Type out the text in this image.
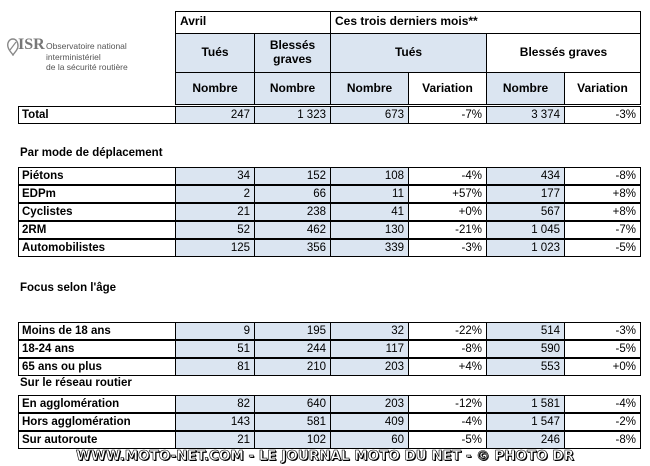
ISR Observatoire national interministériel
de la sécurité routière
Avril	Ces trois derniers mois**
Tués	Blessés graves	Tués	Blessés graves
Nombre	Nombre	Nombre Variation Nombre Variation
Total	247	1 323	673	-7%	3 374	-3%
Par mode de déplacement
Piétons	34	152	108	-4%	434	-8%
EDPm	2	66	11	+57%	177	+8%
Cyclistes	21	238	41	+0%	567	+8%
2RM	52	462	130	-21%	1 045	-7%
Automobilistes	125	356	339	-3%	1 023	-5%
Focus selon l'âge
Moins de 18 ans	9	195	32	-22%	514	-3%
18-24 ans	51	244	117	-8%	590	-5%
65 ans ou plus	81	210	203	+4%	553	+0%
Sur le réseau routier
En agglomération	82	640	203	-12%	1 581	-4%
Hors agglomération	143	581	409	-4%	1 547	-2%
Sur autoroute	21	102	60	-5%	246	-8%
WWW.MOTO-NET.COM - LE JOURNAL MOTO DU NET - © PHOTO DR
